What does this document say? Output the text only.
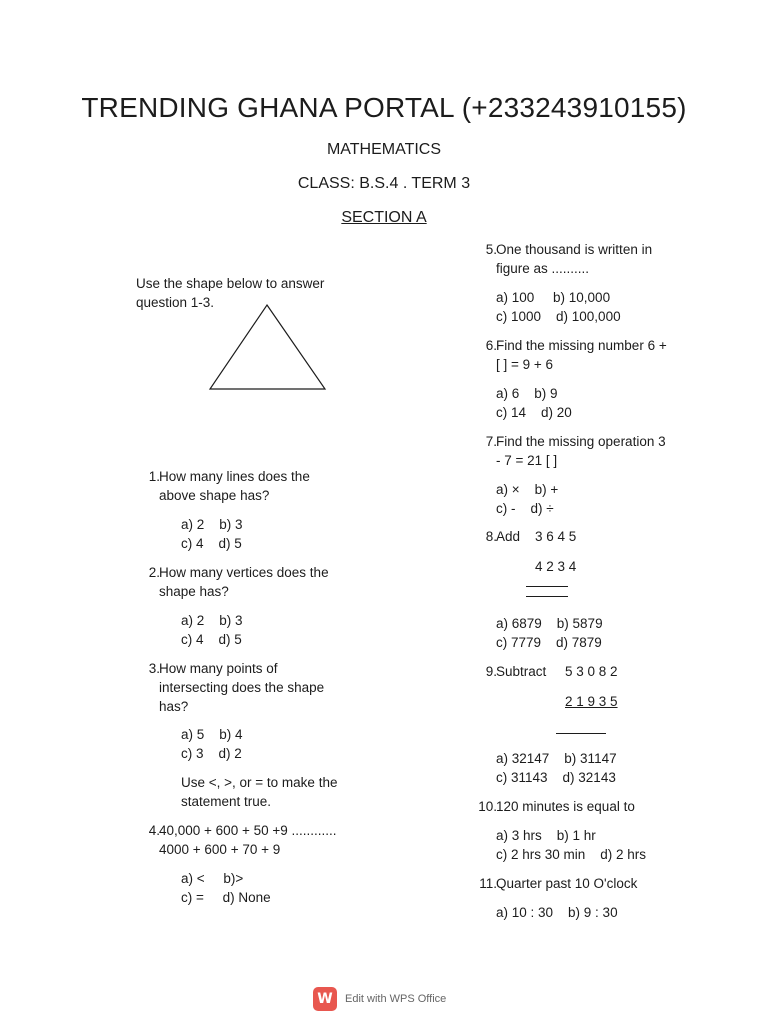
TRENDING GHANA PORTAL (+233243910155)
MATHEMATICS
CLASS: B.S.4 . TERM 3
SECTION A
Use the shape below to answer
question 1-3.
1. How many lines does the
above shape has?
a) 2    b) 3
c) 4    d) 5
2. How many vertices does the
shape has?
a) 2    b) 3
c) 4    d) 5
3. How many points of
intersecting does the shape
has?
a) 5    b) 4
c) 3    d) 2
Use <, >, or = to make the
statement true.
4. 40,000 + 600 + 50 +9 ............
4000 + 600 + 70 + 9
a) <     b)>
c) =     d) None
5. One thousand is written in
figure as ..........
a) 100     b) 10,000
c) 1000    d) 100,000
6. Find the missing number 6 +
[ ] = 9 + 6
a) 6    b) 9
c) 14    d) 20
7. Find the missing operation 3
- 7 = 21 [ ]
a) ×    b) +
c) -    d) ÷
8. Add 3 6 4 5
4 2 3 4
a) 6879    b) 5879
c) 7779    d) 7879
9. Subtract 5 3 0 8 2
2 1 9 3 5
a) 32147    b) 31147
c) 31143    d) 32143
10. 120 minutes is equal to
a) 3 hrs    b) 1 hr
c) 2 hrs 30 min    d) 2 hrs
11. Quarter past 10 O'clock
a) 10 : 30    b) 9 : 30
W	Edit with WPS Office
